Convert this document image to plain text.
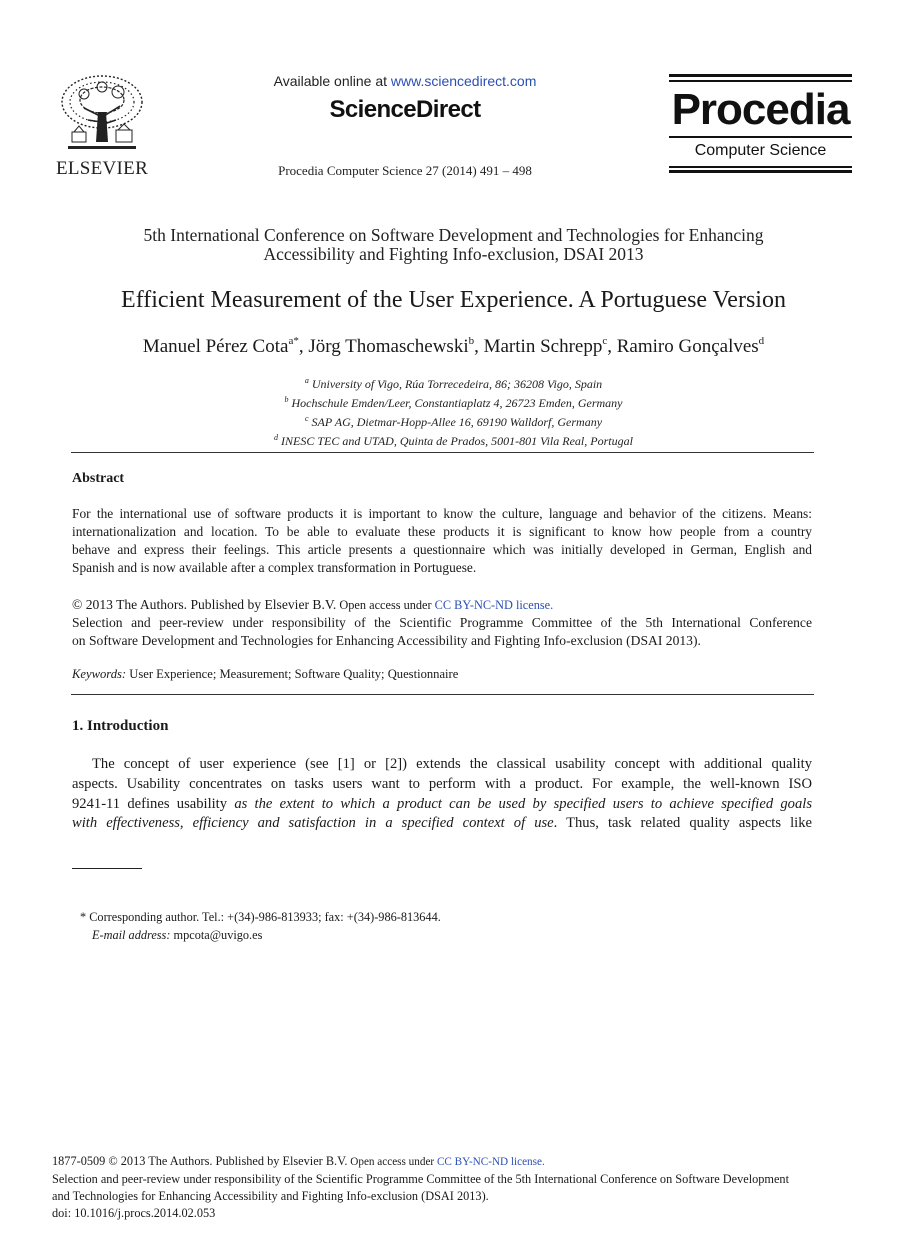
ELSEVIER
Available online at www.sciencedirect.com
ScienceDirect
Procedia Computer Science 27 (2014) 491 – 498
Procedia
Computer Science
5th International Conference on Software Development and Technologies for Enhancing
Accessibility and Fighting Info-exclusion, DSAI 2013
Efficient Measurement of the User Experience. A Portuguese Version
Manuel Pérez Cota$^{a*}$, Jörg Thomaschewski$^b$, Martin Schrepp$^c$, Ramiro Gonçalves$^d$
$^a$ University of Vigo, Rúa Torrecedeira, 86; 36208 Vigo, Spain
$^b$ Hochschule Emden/Leer, Constantiaplatz 4, 26723 Emden, Germany
$^c$ SAP AG, Dietmar-Hopp-Allee 16, 69190 Walldorf, Germany
$^d$ INESC TEC and UTAD, Quinta de Prados, 5001-801 Vila Real, Portugal
Abstract
For the international use of software products it is important to know the culture, language and behavior of the citizens. Means:
internationalization and location. To be able to evaluate these products it is significant to know how people from a country
behave and express their feelings. This article presents a questionnaire which was initially developed in German, English and
Spanish and is now available after a complex transformation in Portuguese.
© 2013 The Authors. Published by Elsevier B.V. Open access under CC BY-NC-ND license.
Selection and peer-review under responsibility of the Scientific Programme Committee of the 5th International Conference
on Software Development and Technologies for Enhancing Accessibility and Fighting Info-exclusion (DSAI 2013).
Keywords: User Experience; Measurement; Software Quality; Questionnaire
1. Introduction
The concept of user experience (see [1] or [2]) extends the classical usability concept with additional quality
aspects. Usability concentrates on tasks users want to perform with a product. For example, the well-known ISO
9241-11 defines usability as the extent to which a product can be used by specified users to achieve specified goals
with effectiveness, efficiency and satisfaction in a specified context of use. Thus, task related quality aspects like
* Corresponding author. Tel.: +(34)-986-813933; fax: +(34)-986-813644.
E-mail address: mpcota@uvigo.es
1877-0509 © 2013 The Authors. Published by Elsevier B.V. Open access under CC BY-NC-ND license.
Selection and peer-review under responsibility of the Scientific Programme Committee of the 5th International Conference on Software Development
and Technologies for Enhancing Accessibility and Fighting Info-exclusion (DSAI 2013).
doi: 10.1016/j.procs.2014.02.053
